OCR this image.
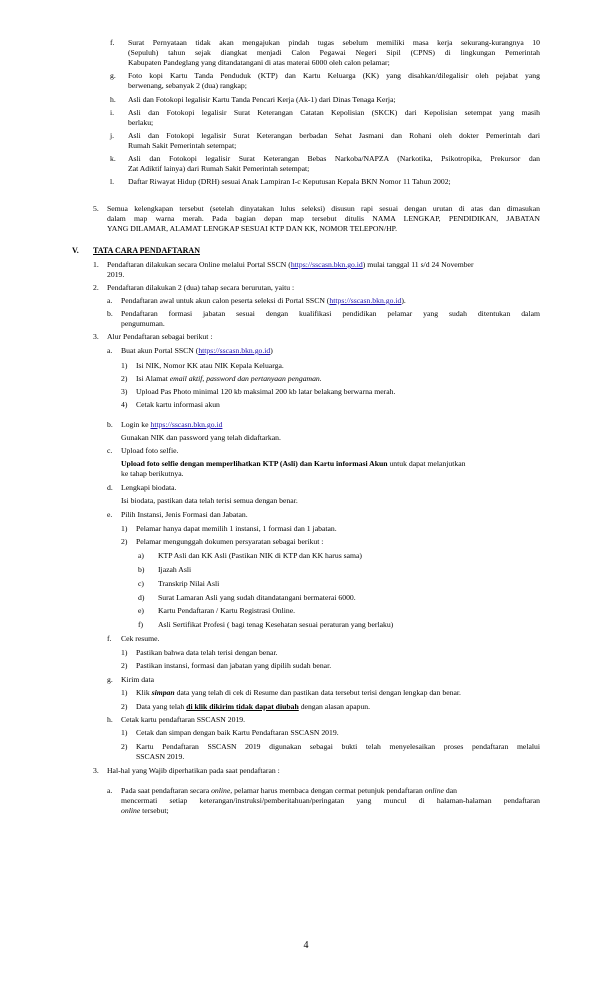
f. Surat Pernyataan tidak akan mengajukan pindah tugas sebelum memiliki masa kerja sekurang-kurangnya 10
(Sepuluh) tahun sejak diangkat menjadi Calon Pegawai Negeri Sipil (CPNS) di lingkungan Pemerintah
Kabupaten Pandeglang yang ditandatangani di atas materai 6000 oleh calon pelamar;
g. Foto kopi Kartu Tanda Penduduk (KTP) dan Kartu Keluarga (KK) yang disahkan/dilegalisir oleh pejabat yang
berwenang, sebanyak 2 (dua) rangkap;
h. Asli dan Fotokopi legalisir Kartu Tanda Pencari Kerja (Ak-1) dari Dinas Tenaga Kerja;
i. Asli dan Fotokopi legalisir Surat Keterangan Catatan Kepolisian (SKCK) dari Kepolisian setempat yang masih
berlaku;
j. Asli dan Fotokopi legalisir Surat Keterangan berbadan Sehat Jasmani dan Rohani oleh dokter Pemerintah dari
Rumah Sakit Pemerintah setempat;
k. Asli dan Fotokopi legalisir Surat Keterangan Bebas Narkoba/NAPZA (Narkotika, Psikotropika, Prekursor dan
Zat Adiktif lainya) dari Rumah Sakit Pemerintah setempat;
l. Daftar Riwayat Hidup (DRH) sesuai Anak Lampiran I-c Keputusan Kepala BKN Nomor 11 Tahun 2002;
5. Semua kelengkapan tersebut (setelah dinyatakan lulus seleksi) disusun rapi sesuai dengan urutan di atas dan dimasukan
dalam map warna merah. Pada bagian depan map tersebut ditulis NAMA LENGKAP, PENDIDIKAN, JABATAN
YANG DILAMAR, ALAMAT LENGKAP SESUAI KTP DAN KK, NOMOR TELEPON/HP.
V. TATA CARA PENDAFTARAN
1. Pendaftaran dilakukan secara Online melalui Portal SSCN (https://sscasn.bkn.go.id) mulai tanggal 11 s/d 24 November
2019.
2. Pendaftaran dilakukan 2 (dua) tahap secara berurutan, yaitu :
a. Pendaftaran awal untuk akun calon peserta seleksi di Portal SSCN (https://sscasn.bkn.go.id).
b. Pendaftaran formasi jabatan sesuai dengan kualifikasi pendidikan pelamar yang sudah ditentukan dalam
pengumuman.
3. Alur Pendaftaran sebagai berikut :
a. Buat akun Portal SSCN (https://sscasn.bkn.go.id)
1) Isi NIK, Nomor KK atau NIK Kepala Keluarga.
2) Isi Alamat email aktif, password dan pertanyaan pengaman.
3) Upload Pas Photo minimal 120 kb maksimal 200 kb latar belakang berwarna merah.
4) Cetak kartu informasi akun
b. Login ke https://sscasn.bkn.go.id
Gunakan NIK dan password yang telah didaftarkan.
c. Upload foto selfie.
Upload foto selfie dengan memperlihatkan KTP (Asli) dan Kartu informasi Akun untuk dapat melanjutkan
ke tahap berikutnya.
d. Lengkapi biodata.
Isi biodata, pastikan data telah terisi semua dengan benar.
e. Pilih Instansi, Jenis Formasi dan Jabatan.
1) Pelamar hanya dapat memilih 1 instansi, 1 formasi dan 1 jabatan.
2) Pelamar mengunggah dokumen persyaratan sebagai berikut :
a) KTP Asli dan KK Asli (Pastikan NIK di KTP dan KK harus sama)
b) Ijazah Asli
c) Transkrip Nilai Asli
d) Surat Lamaran Asli yang sudah ditandatangani bermaterai 6000.
e) Kartu Pendaftaran / Kartu Registrasi Online.
f) Asli Sertifikat Profesi ( bagi tenag Kesehatan sesuai peraturan yang berlaku)
f. Cek resume.
1) Pastikan bahwa data telah terisi dengan benar.
2) Pastikan instansi, formasi dan jabatan yang dipilih sudah benar.
g. Kirim data
1) Klik simpan data yang telah di cek di Resume dan pastikan data tersebut terisi dengan lengkap dan benar.
2) Data yang telah di klik dikirim tidak dapat diubah dengan alasan apapun.
h. Cetak kartu pendaftaran SSCASN 2019.
1) Cetak dan simpan dengan baik Kartu Pendaftaran SSCASN 2019.
2) Kartu Pendaftaran SSCASN 2019 digunakan sebagai bukti telah menyelesaikan proses pendaftaran melalui
SSCASN 2019.
3. Hal-hal yang Wajib diperhatikan pada saat pendaftaran :
a. Pada saat pendaftaran secara online, pelamar harus membaca dengan cermat petunjuk pendaftaran online dan
mencermati setiap keterangan/instruksi/pemberitahuan/peringatan yang muncul di halaman-halaman pendaftaran
online tersebut;
4
